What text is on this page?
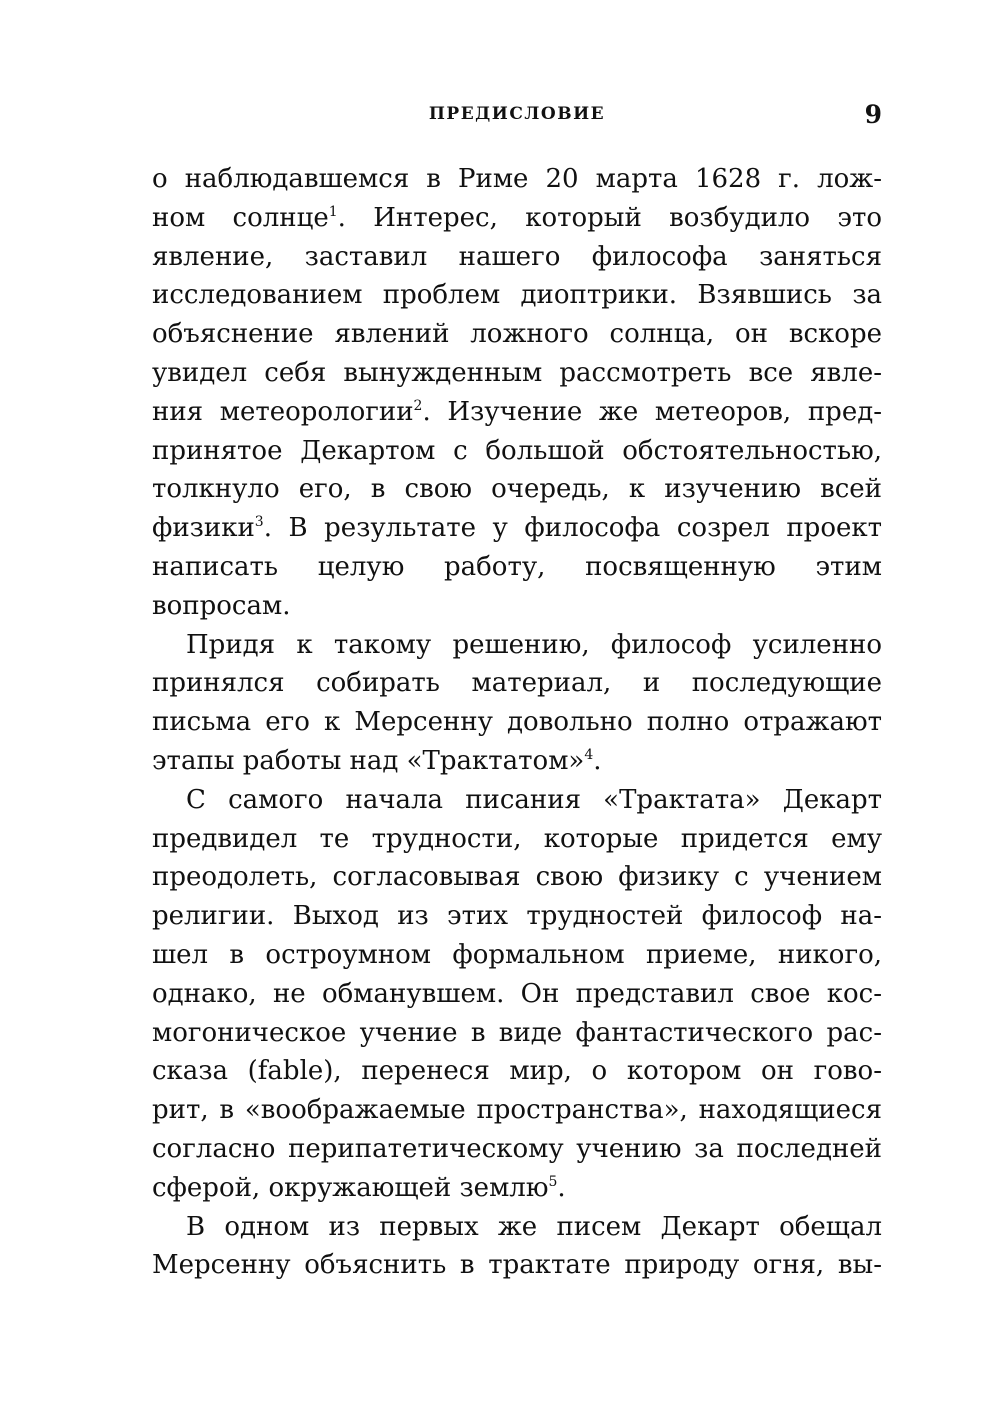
ПРЕДИСЛОВИЕ	9
о наблюдавшемся в Риме 20 марта 1628 г. лож-
ном солнце$^1$. Интерес, который возбудило это
явление, заставил нашего философа заняться
исследованием проблем диоптрики. Взявшись за
объяснение явлений ложного солнца, он вскоре
увидел себя вынужденным рассмотреть все явле-
ния метеорологии$^2$. Изучение же метеоров, пред-
принятое Декартом с большой обстоятельностью,
толкнуло его, в свою очередь, к изучению всей
физики$^3$. В результате у философа созрел проект
написать целую работу, посвященную этим
вопросам.
Придя к такому решению, философ усиленно
принялся собирать материал, и последующие
письма его к Мерсенну довольно полно отражают
этапы работы над «Трактатом»$^4$.
С самого начала писания «Трактата» Декарт
предвидел те трудности, которые придется ему
преодолеть, согласовывая свою физику с учением
религии. Выход из этих трудностей философ на-
шел в остроумном формальном приеме, никого,
однако, не обманувшем. Он представил свое кос-
могоническое учение в виде фантастического рас-
сказа (fable), перенеся мир, о котором он гово-
рит, в «воображаемые пространства», находящиеся
согласно перипатетическому учению за последней
сферой, окружающей землю$^5$.
В одном из первых же писем Декарт обещал
Мерсенну объяснить в трактате природу огня, вы-
